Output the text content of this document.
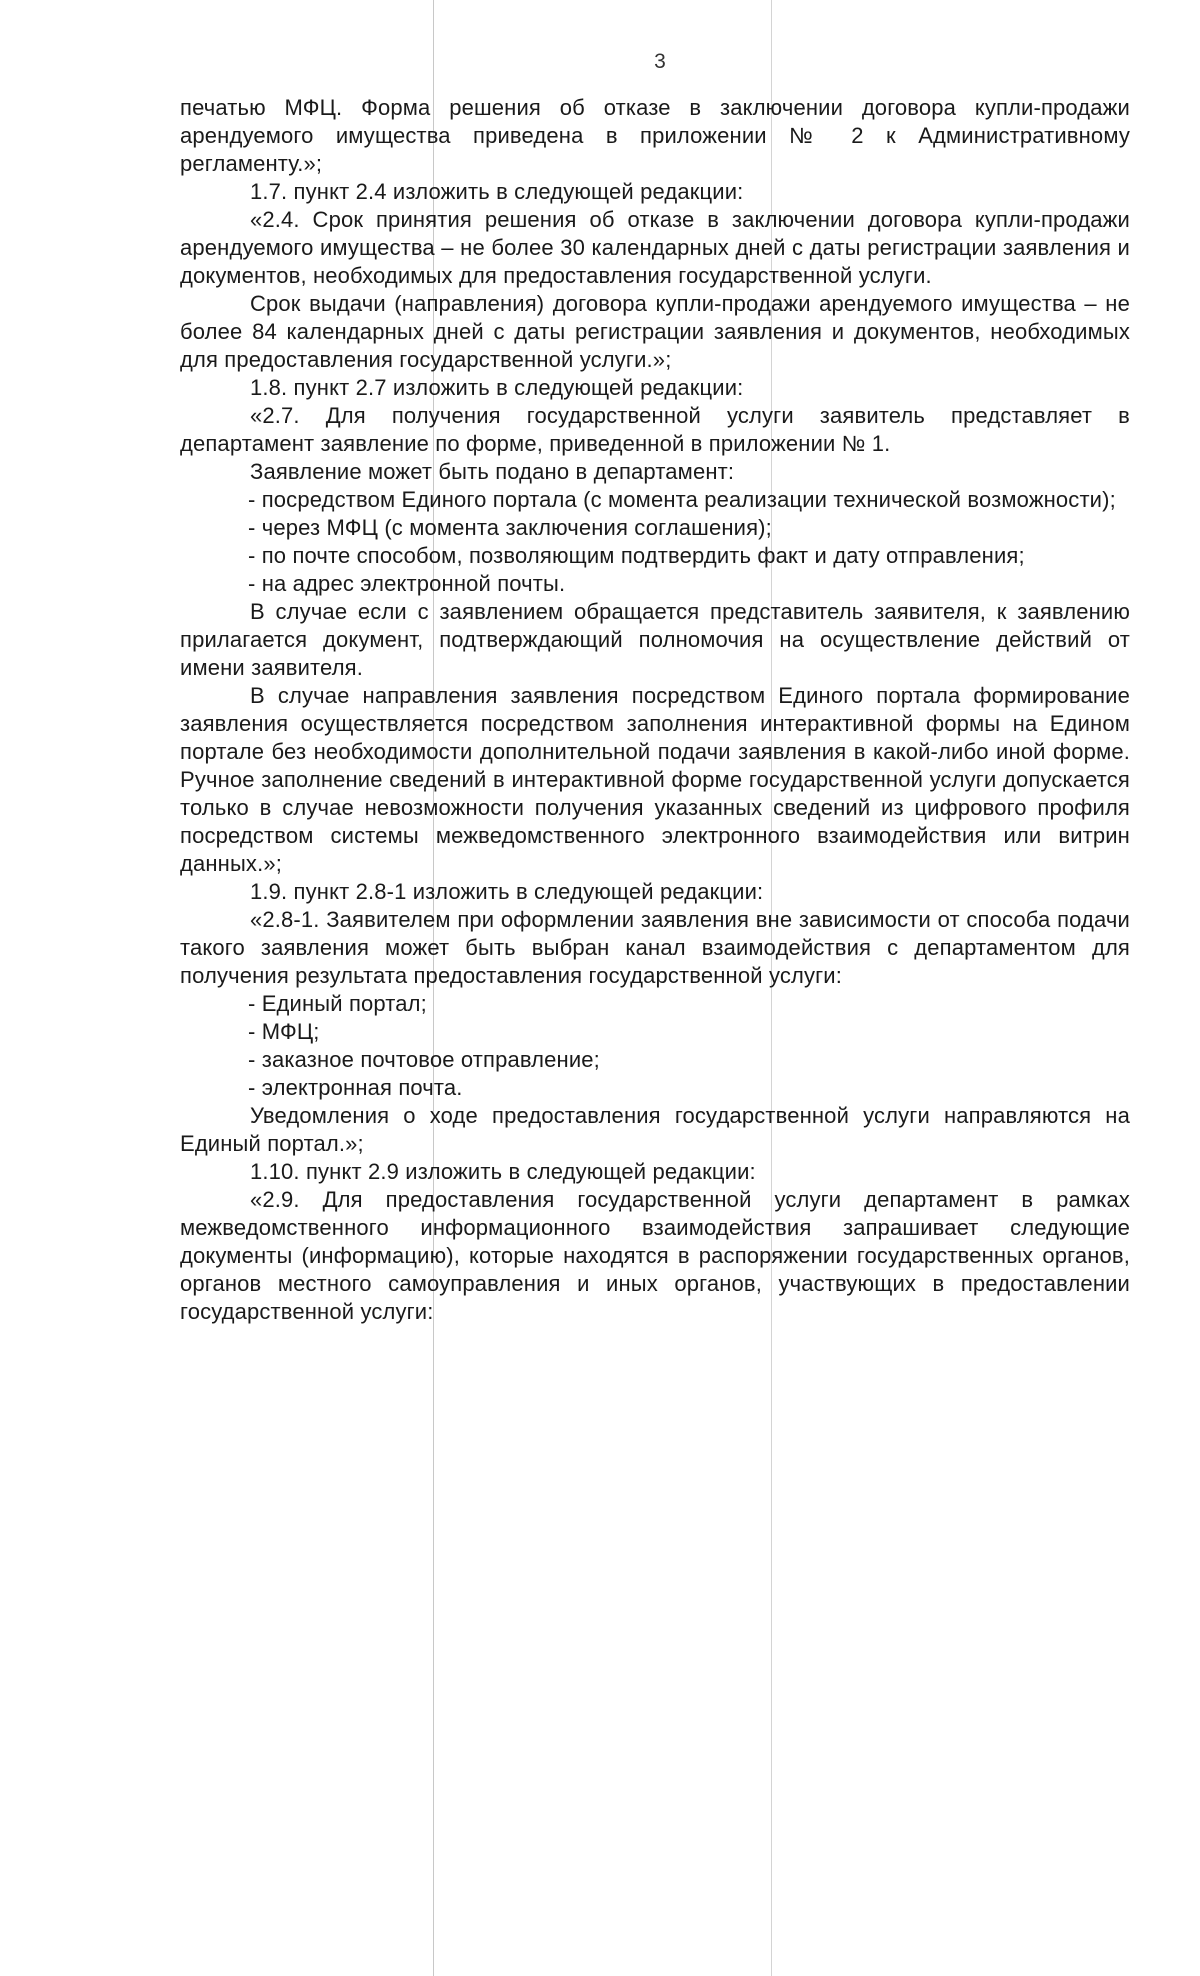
3

печатью МФЦ. Форма решения об отказе в заключении договора купли-продажи арендуемого имущества приведена в приложении № 2 к Административному регламенту.»;

1.7. пункт 2.4 изложить в следующей редакции:

«2.4. Срок принятия решения об отказе в заключении договора купли-продажи арендуемого имущества – не более 30 календарных дней с даты регистрации заявления и документов, необходимых для предоставления государственной услуги.

Срок выдачи (направления) договора купли-продажи арендуемого имущества – не более 84 календарных дней с даты регистрации заявления и документов, необходимых для предоставления государственной услуги.»;

1.8. пункт 2.7 изложить в следующей редакции:

«2.7. Для получения государственной услуги заявитель представляет в департамент заявление по форме, приведенной в приложении № 1.

Заявление может быть подано в департамент:

- посредством Единого портала (с момента реализации технической возможности);

- через МФЦ (с момента заключения соглашения);

- по почте способом, позволяющим подтвердить факт и дату отправления;

- на адрес электронной почты.

В случае если с заявлением обращается представитель заявителя, к заявлению прилагается документ, подтверждающий полномочия на осуществление действий от имени заявителя.

В случае направления заявления посредством Единого портала формирование заявления осуществляется посредством заполнения интерактивной формы на Едином портале без необходимости дополнительной подачи заявления в какой-либо иной форме. Ручное заполнение сведений в интерактивной форме государственной услуги допускается только в случае невозможности получения указанных сведений из цифрового профиля посредством системы межведомственного электронного взаимодействия или витрин данных.»;

1.9. пункт 2.8-1 изложить в следующей редакции:

«2.8-1. Заявителем при оформлении заявления вне зависимости от способа подачи такого заявления может быть выбран канал взаимодействия с департаментом для получения результата предоставления государственной услуги:

- Единый портал;

- МФЦ;

- заказное почтовое отправление;

- электронная почта.

Уведомления о ходе предоставления государственной услуги направляются на Единый портал.»;

1.10. пункт 2.9 изложить в следующей редакции:

«2.9. Для предоставления государственной услуги департамент в рамках межведомственного информационного взаимодействия запрашивает следующие документы (информацию), которые находятся в распоряжении государственных органов, органов местного самоуправления и иных органов, участвующих в предоставлении государственной услуги:
